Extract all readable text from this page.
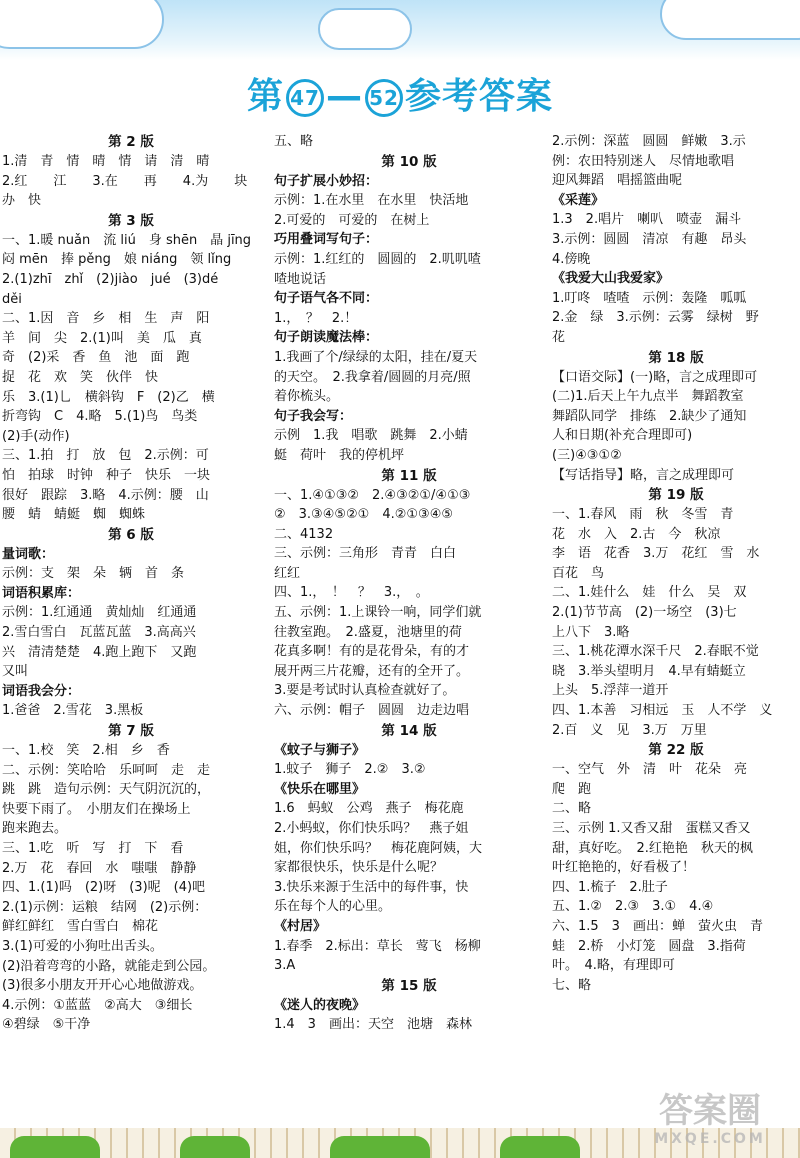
第 47 — 52 参考答案
第 2 版
1.清　青　情　晴　情　请　清　晴
2.红　　江　　3.在　　再　　4.为　　块
办　快
第 3 版
一、1.暖 nuǎn　流 liú　身 shēn　晶 jīng
闷 mēn　捧 pěng　娘 niáng　领 lǐng
2.(1)zhī　zhǐ　(2)jiào　jué　(3)dé
děi
二、1.因　音　乡　相　生　声　阳
羊　间　尖　2.(1)叫　美　瓜　真
奇　(2)采　香　鱼　池　面　跑
捉　花　欢　笑　伙伴　快
乐　3.(1)乚　横斜钩　F　(2)乙　横
折弯钩　C　4.略　5.(1)鸟　鸟类
(2)手(动作)
三、1.拍　打　放　包　2.示例：可
怕　拍球　时钟　种子　快乐　一块
很好　跟踪　3.略　4.示例：腰　山
腰　蜻　蜻蜓　蜘　蜘蛛
第 6 版
量词歌：
示例：支　架　朵　辆　首　条
词语积累库：
示例：1.红通通　黄灿灿　红通通
2.雪白雪白　瓦蓝瓦蓝　3.高高兴
兴　清清楚楚　4.跑上跑下　又跑
又叫
词语我会分：
1.爸爸　2.雪花　3.黑板
第 7 版
一、1.校　笑　2.相　乡　香
二、示例：笑哈哈　乐呵呵　走　走
跳　跳　造句示例：天气阴沉沉的，
快要下雨了。　小朋友们在操场上
跑来跑去。
三、1.吃　听　写　打　下　看
2.万　花　春回　水　嗤嗤　静静
四、1.(1)吗　(2)呀　(3)呢　(4)吧
2.(1)示例：运粮　结网　(2)示例：
鲜红鲜红　雪白雪白　棉花
3.(1)可爱的小狗吐出舌头。
(2)沿着弯弯的小路，就能走到公园。
(3)很多小朋友开开心心地做游戏。
4.示例：①蓝蓝　②高大　③细长
④碧绿　⑤干净
五、略
第 10 版
句子扩展小妙招：
示例：1.在水里　在水里　快活地
2.可爱的　可爱的　在树上
巧用叠词写句子：
示例：1.红红的　圆圆的　2.叽叽喳
喳地说话
句子语气各不同：
1.，　？　2.！
句子朗读魔法棒：
1.我画了个/绿绿的太阳，挂在/夏天
的天空。　2.我拿着/圆圆的月亮/照
着你梳头。
句子我会写：
示例　1.我　唱歌　跳舞　2.小蜻
蜓　荷叶　我的停机坪
第 11 版
一、1.④①③②　2.④③②①/④①③
②　3.③④⑤②①　4.②①③④⑤
二、4132
三、示例：三角形　青青　白白
红红
四、1.，　！　？　3.，　。
五、示例：1.上课铃一响，同学们就
往教室跑。　2.盛夏，池塘里的荷
花真多啊！有的是花骨朵，有的才
展开两三片花瓣，还有的全开了。
3.要是考试时认真检查就好了。
六、示例：帽子　圆圆　边走边唱
第 14 版
《蚊子与狮子》
1.蚊子　狮子　2.②　3.②
《快乐在哪里》
1.6　蚂蚁　公鸡　燕子　梅花鹿
2.小蚂蚁，你们快乐吗？　燕子姐
姐，你们快乐吗？　梅花鹿阿姨，大
家都很快乐，快乐是什么呢？
3.快乐来源于生活中的每件事，快
乐在每个人的心里。
《村居》
1.春季　2.标出：草长　莺飞　杨柳
3.A
第 15 版
《迷人的夜晚》
1.4　3　画出：天空　池塘　森林
2.示例：深蓝　圆圆　鲜嫩　3.示
例：农田特别迷人　尽情地歌唱
迎风舞蹈　唱摇篮曲呢
《采莲》
1.3　2.唱片　喇叭　喷壶　漏斗
3.示例：圆圆　清凉　有趣　昂头
4.傍晚
《我爱大山我爱家》
1.叮咚　喳喳　示例：轰隆　呱呱
2.金　绿　3.示例：云雾　绿树　野
花
第 18 版
【口语交际】(一)略，言之成理即可
(二)1.后天上午九点半　舞蹈教室
舞蹈队同学　排练　2.缺少了通知
人和日期(补充合理即可)
(三)④③①②
【写话指导】略，言之成理即可
第 19 版
一、1.春风　雨　秋　冬雪　青
花　水　入　2.古　今　秋凉
李　语　花香　3.万　花红　雪　水
百花　鸟
二、1.娃什么　娃　什么　吴　双
2.(1)节节高　(2)一场空　(3)七
上八下　3.略
三、1.桃花潭水深千尺　2.春眠不觉
晓　3.举头望明月　4.早有蜻蜓立
上头　5.浮萍一道开
四、1.本善　习相远　玉　人不学　义
2.百　义　见　3.万　万里
第 22 版
一、空气　外　清　叶　花朵　亮
爬　跑
二、略
三、示例 1.又香又甜　蛋糕又香又
甜，真好吃。　2.红艳艳　秋天的枫
叶红艳艳的，好看极了！
四、1.梳子　2.肚子
五、1.②　2.③　3.①　4.④
六、1.5　3　画出：蝉　萤火虫　青
蛙　2.桥　小灯笼　圆盘　3.指荷
叶。　4.略，有理即可
七、略
答案圈
MXQE.COM
